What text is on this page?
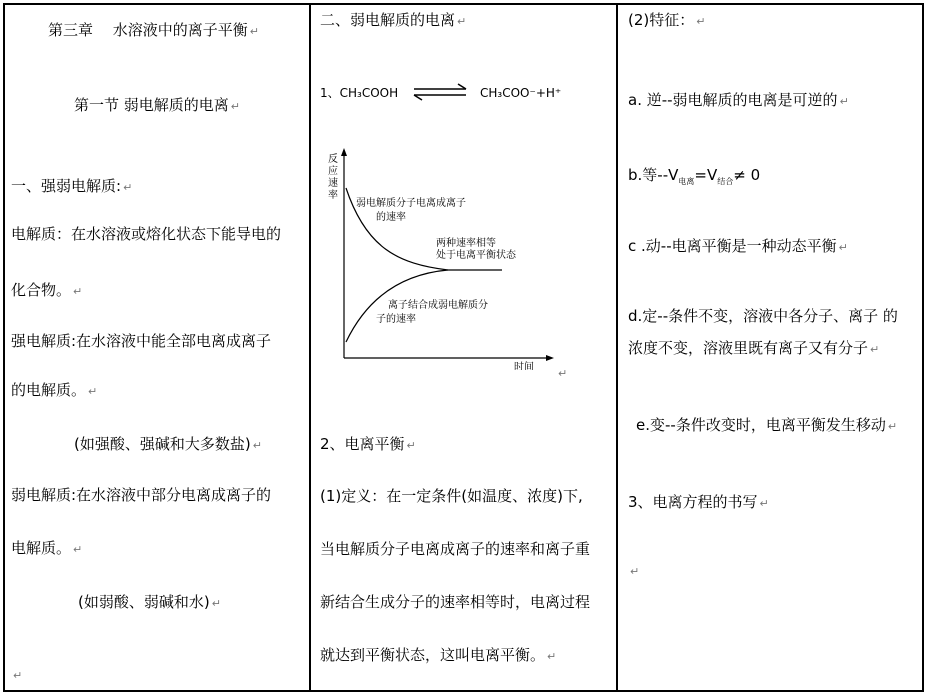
第三章　 水溶液中的离子平衡 ↵
第一节 弱电解质的电离 ↵
一、强弱电解质: ↵
电解质：在水溶液或熔化状态下能导电的
化合物。 ↵
强电解质:在水溶液中能全部电离成离子
的电解质。 ↵
(如强酸、强碱和大多数盐) ↵
弱电解质:在水溶液中部分电离成离子的
电解质。 ↵
(如弱酸、弱碱和水) ↵
↵
二、弱电解质的电离 ↵
1、CH₃COOH ⇌ CH₃COO⁻+H⁺
反
应
速
率
弱电解质分子电离成离子
的速率
两种速率相等
处于电离平衡状态
离子结合成弱电解质分
子的速率
时间 ↵
2、电离平衡 ↵
(1)定义：在一定条件(如温度、浓度)下,
当电解质分子电离成离子的速率和离子重
新结合生成分子的速率相等时，电离过程
就达到平衡状态，这叫电离平衡。 ↵
(2)特征： ↵
a. 逆--弱电解质的电离是可逆的 ↵
b.等$--V_{电离}=V_{结合}\ne 0$
c .动--电离平衡是一种动态平衡 ↵
d.定--条件不变，溶液中各分子、离子 的
浓度不变，溶液里既有离子又有分子 ↵
e.变--条件改变时，电离平衡发生移动 ↵
3、电离方程的书写 ↵
↵
